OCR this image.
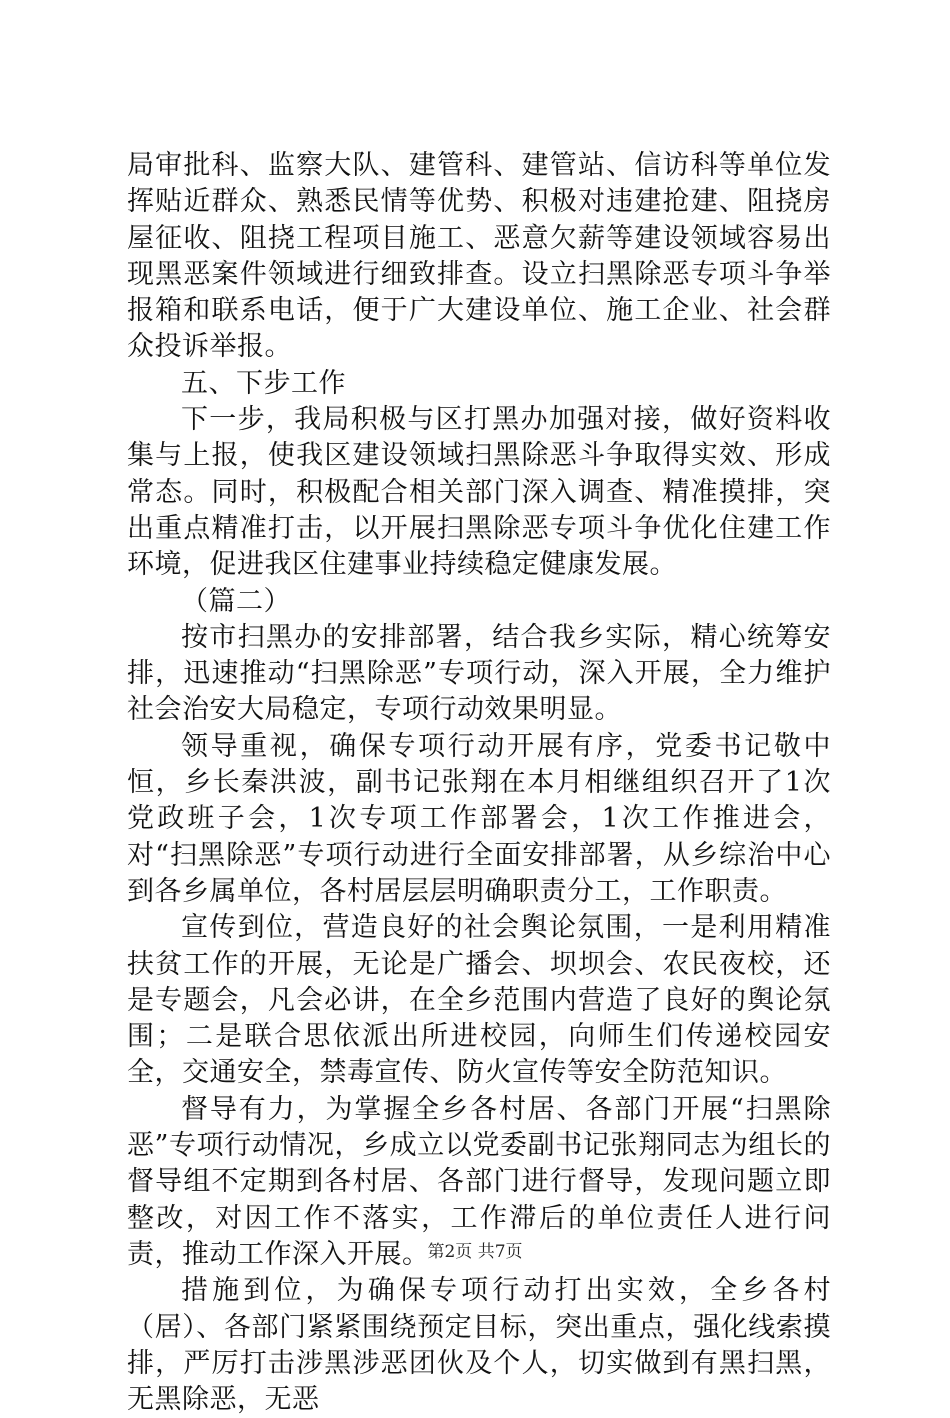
局审批科、监察大队、建管科、建管站、信访科等单位发挥贴近群众、熟悉民情等优势、积极对违建抢建、阻挠房屋征收、阻挠工程项目施工、恶意欠薪等建设领域容易出现黑恶案件领域进行细致排查。设立扫黑除恶专项斗争举报箱和联系电话，便于广大建设单位、施工企业、社会群众投诉举报。

五、下步工作

下一步，我局积极与区打黑办加强对接，做好资料收集与上报，使我区建设领域扫黑除恶斗争取得实效、形成常态。同时，积极配合相关部门深入调查、精准摸排，突出重点精准打击，以开展扫黑除恶专项斗争优化住建工作环境，促进我区住建事业持续稳定健康发展。

（篇二）

按市扫黑办的安排部署，结合我乡实际，精心统筹安排，迅速推动“扫黑除恶”专项行动，深入开展，全力维护社会治安大局稳定，专项行动效果明显。

领导重视，确保专项行动开展有序，党委书记敬中恒，乡长秦洪波，副书记张翔在本月相继组织召开了1次党政班子会，1次专项工作部署会，1次工作推进会，对“扫黑除恶”专项行动进行全面安排部署，从乡综治中心到各乡属单位，各村居层层明确职责分工，工作职责。

宣传到位，营造良好的社会舆论氛围，一是利用精准扶贫工作的开展，无论是广播会、坝坝会、农民夜校，还是专题会，凡会必讲，在全乡范围内营造了良好的舆论氛围；二是联合思依派出所进校园，向师生们传递校园安全，交通安全，禁毒宣传、防火宣传等安全防范知识。

督导有力，为掌握全乡各村居、各部门开展“扫黑除恶”专项行动情况，乡成立以党委副书记张翔同志为组长的督导组不定期到各村居、各部门进行督导，发现问题立即整改，对因工作不落实，工作滞后的单位责任人进行问责，推动工作深入开展。

措施到位，为确保专项行动打出实效，全乡各村（居）、各部门紧紧围绕预定目标，突出重点，强化线索摸排，严厉打击涉黑涉恶团伙及个人，切实做到有黑扫黑，无黑除恶，无恶

第2页 共7页
